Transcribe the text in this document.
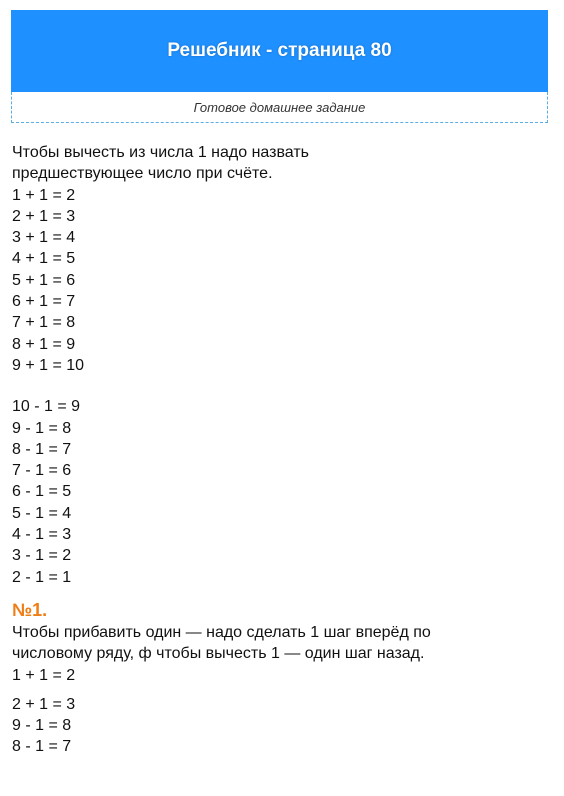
Решебник - страница 80
Готовое домашнее задание
Чтобы вычесть из числа 1 надо назвать
предшествующее число при счёте.
1 + 1 = 2
2 + 1 = 3
3 + 1 = 4
4 + 1 = 5
5 + 1 = 6
6 + 1 = 7
7 + 1 = 8
8 + 1 = 9
9 + 1 = 10
10 - 1 = 9
9 - 1 = 8
8 - 1 = 7
7 - 1 = 6
6 - 1 = 5
5 - 1 = 4
4 - 1 = 3
3 - 1 = 2
2 - 1 = 1
№1.
Чтобы прибавить один — надо сделать 1 шаг вперёд по
числовому ряду, ф чтобы вычесть 1 — один шаг назад.
1 + 1 = 2
2 + 1 = 3
9 - 1 = 8
8 - 1 = 7
